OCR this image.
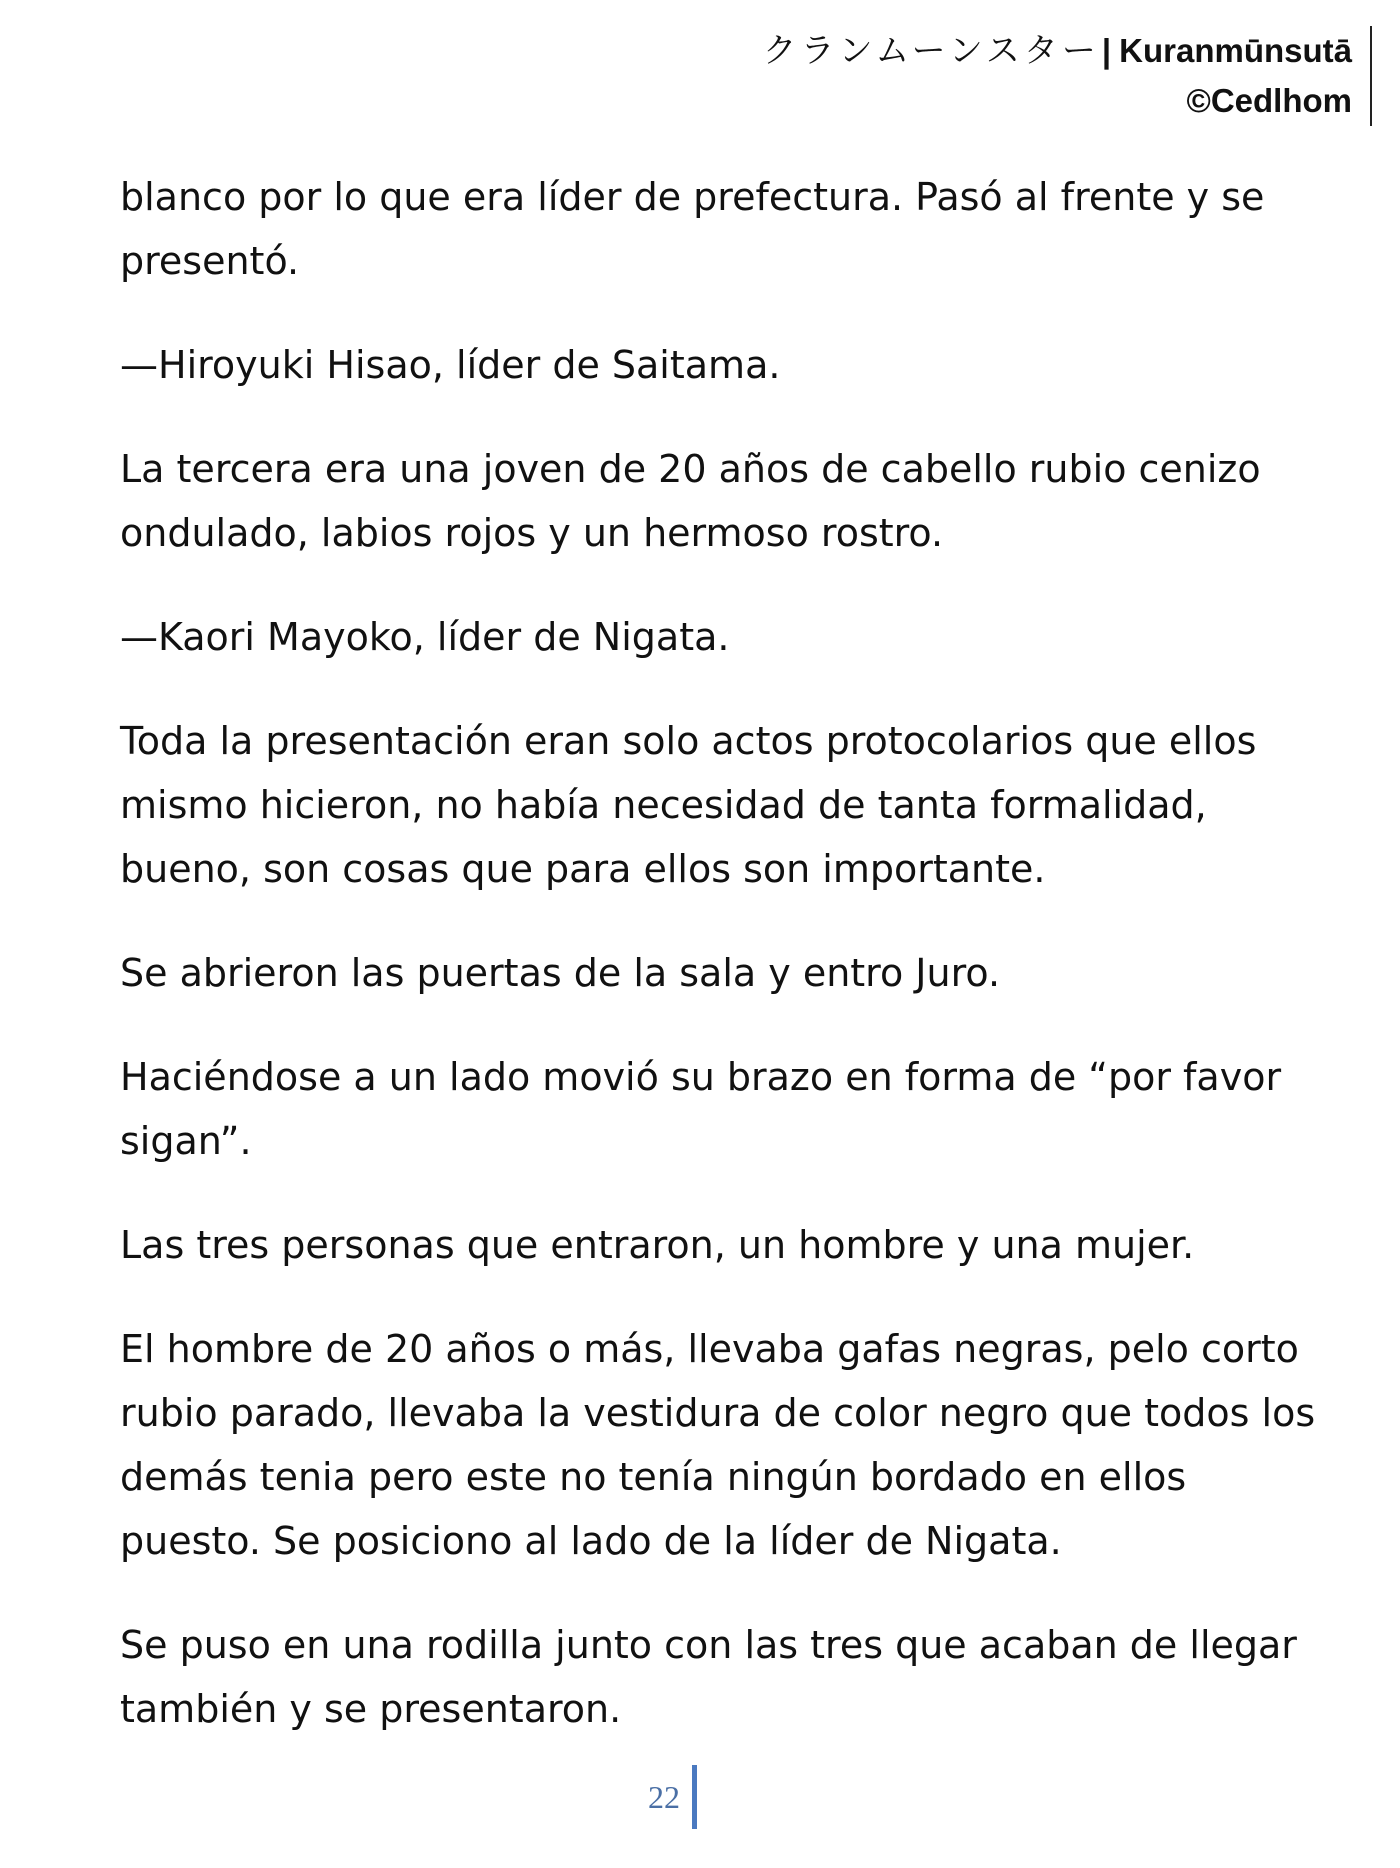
クランムーンスター| Kuranmūnsutā
©Cedlhom

blanco por lo que era líder de prefectura. Pasó al frente y se presentó.

—Hiroyuki Hisao, líder de Saitama.

La tercera era una joven de 20 años de cabello rubio cenizo ondulado, labios rojos y un hermoso rostro.

—Kaori Mayoko, líder de Nigata.

Toda la presentación eran solo actos protocolarios que ellos mismo hicieron, no había necesidad de tanta formalidad, bueno, son cosas que para ellos son importante.

Se abrieron las puertas de la sala y entro Juro.

Haciéndose a un lado movió su brazo en forma de “por favor sigan”.

Las tres personas que entraron, un hombre y una mujer.

El hombre de 20 años o más, llevaba gafas negras, pelo corto rubio parado, llevaba la vestidura de color negro que todos los demás tenia pero este no tenía ningún bordado en ellos puesto. Se posiciono al lado de la líder de Nigata.

Se puso en una rodilla junto con las tres que acaban de llegar también y se presentaron.

22
